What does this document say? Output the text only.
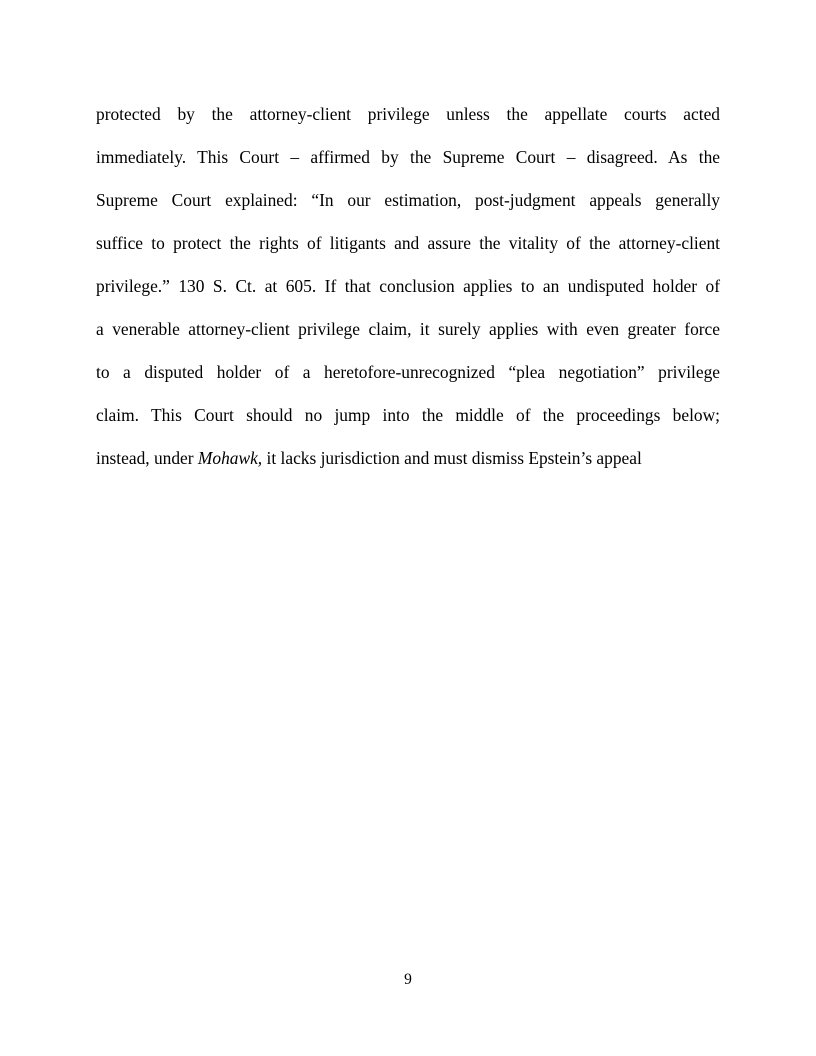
protected by the attorney-client privilege unless the appellate courts acted
immediately. This Court – affirmed by the Supreme Court – disagreed. As the
Supreme Court explained: “In our estimation, post-judgment appeals generally
suffice to protect the rights of litigants and assure the vitality of the attorney-client
privilege.” 130 S. Ct. at 605. If that conclusion applies to an undisputed holder of
a venerable attorney-client privilege claim, it surely applies with even greater force
to a disputed holder of a heretofore-unrecognized “plea negotiation” privilege
claim. This Court should no jump into the middle of the proceedings below;
instead, under Mohawk, it lacks jurisdiction and must dismiss Epstein’s appeal
9
